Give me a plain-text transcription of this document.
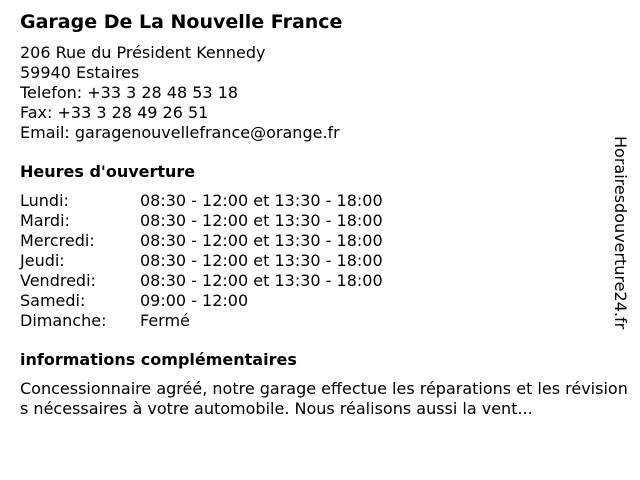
Garage De La Nouvelle France
206 Rue du Président Kennedy
59940 Estaires
Telefon: +33 3 28 48 53 18
Fax: +33 3 28 49 26 51
Email: garagenouvellefrance@orange.fr
Heures d'ouverture
Lundi:	08:30 - 12:00 et 13:30 - 18:00
Mardi:	08:30 - 12:00 et 13:30 - 18:00
Mercredi:	08:30 - 12:00 et 13:30 - 18:00
Jeudi:	08:30 - 12:00 et 13:30 - 18:00
Vendredi:	08:30 - 12:00 et 13:30 - 18:00
Samedi:	09:00 - 12:00
Dimanche:	Fermé
informations complémentaires
Concessionnaire agréé, notre garage effectue les réparations et les révisions nécessaires à votre automobile. Nous réalisons aussi la vent...
Horairesdouverture24.fr
